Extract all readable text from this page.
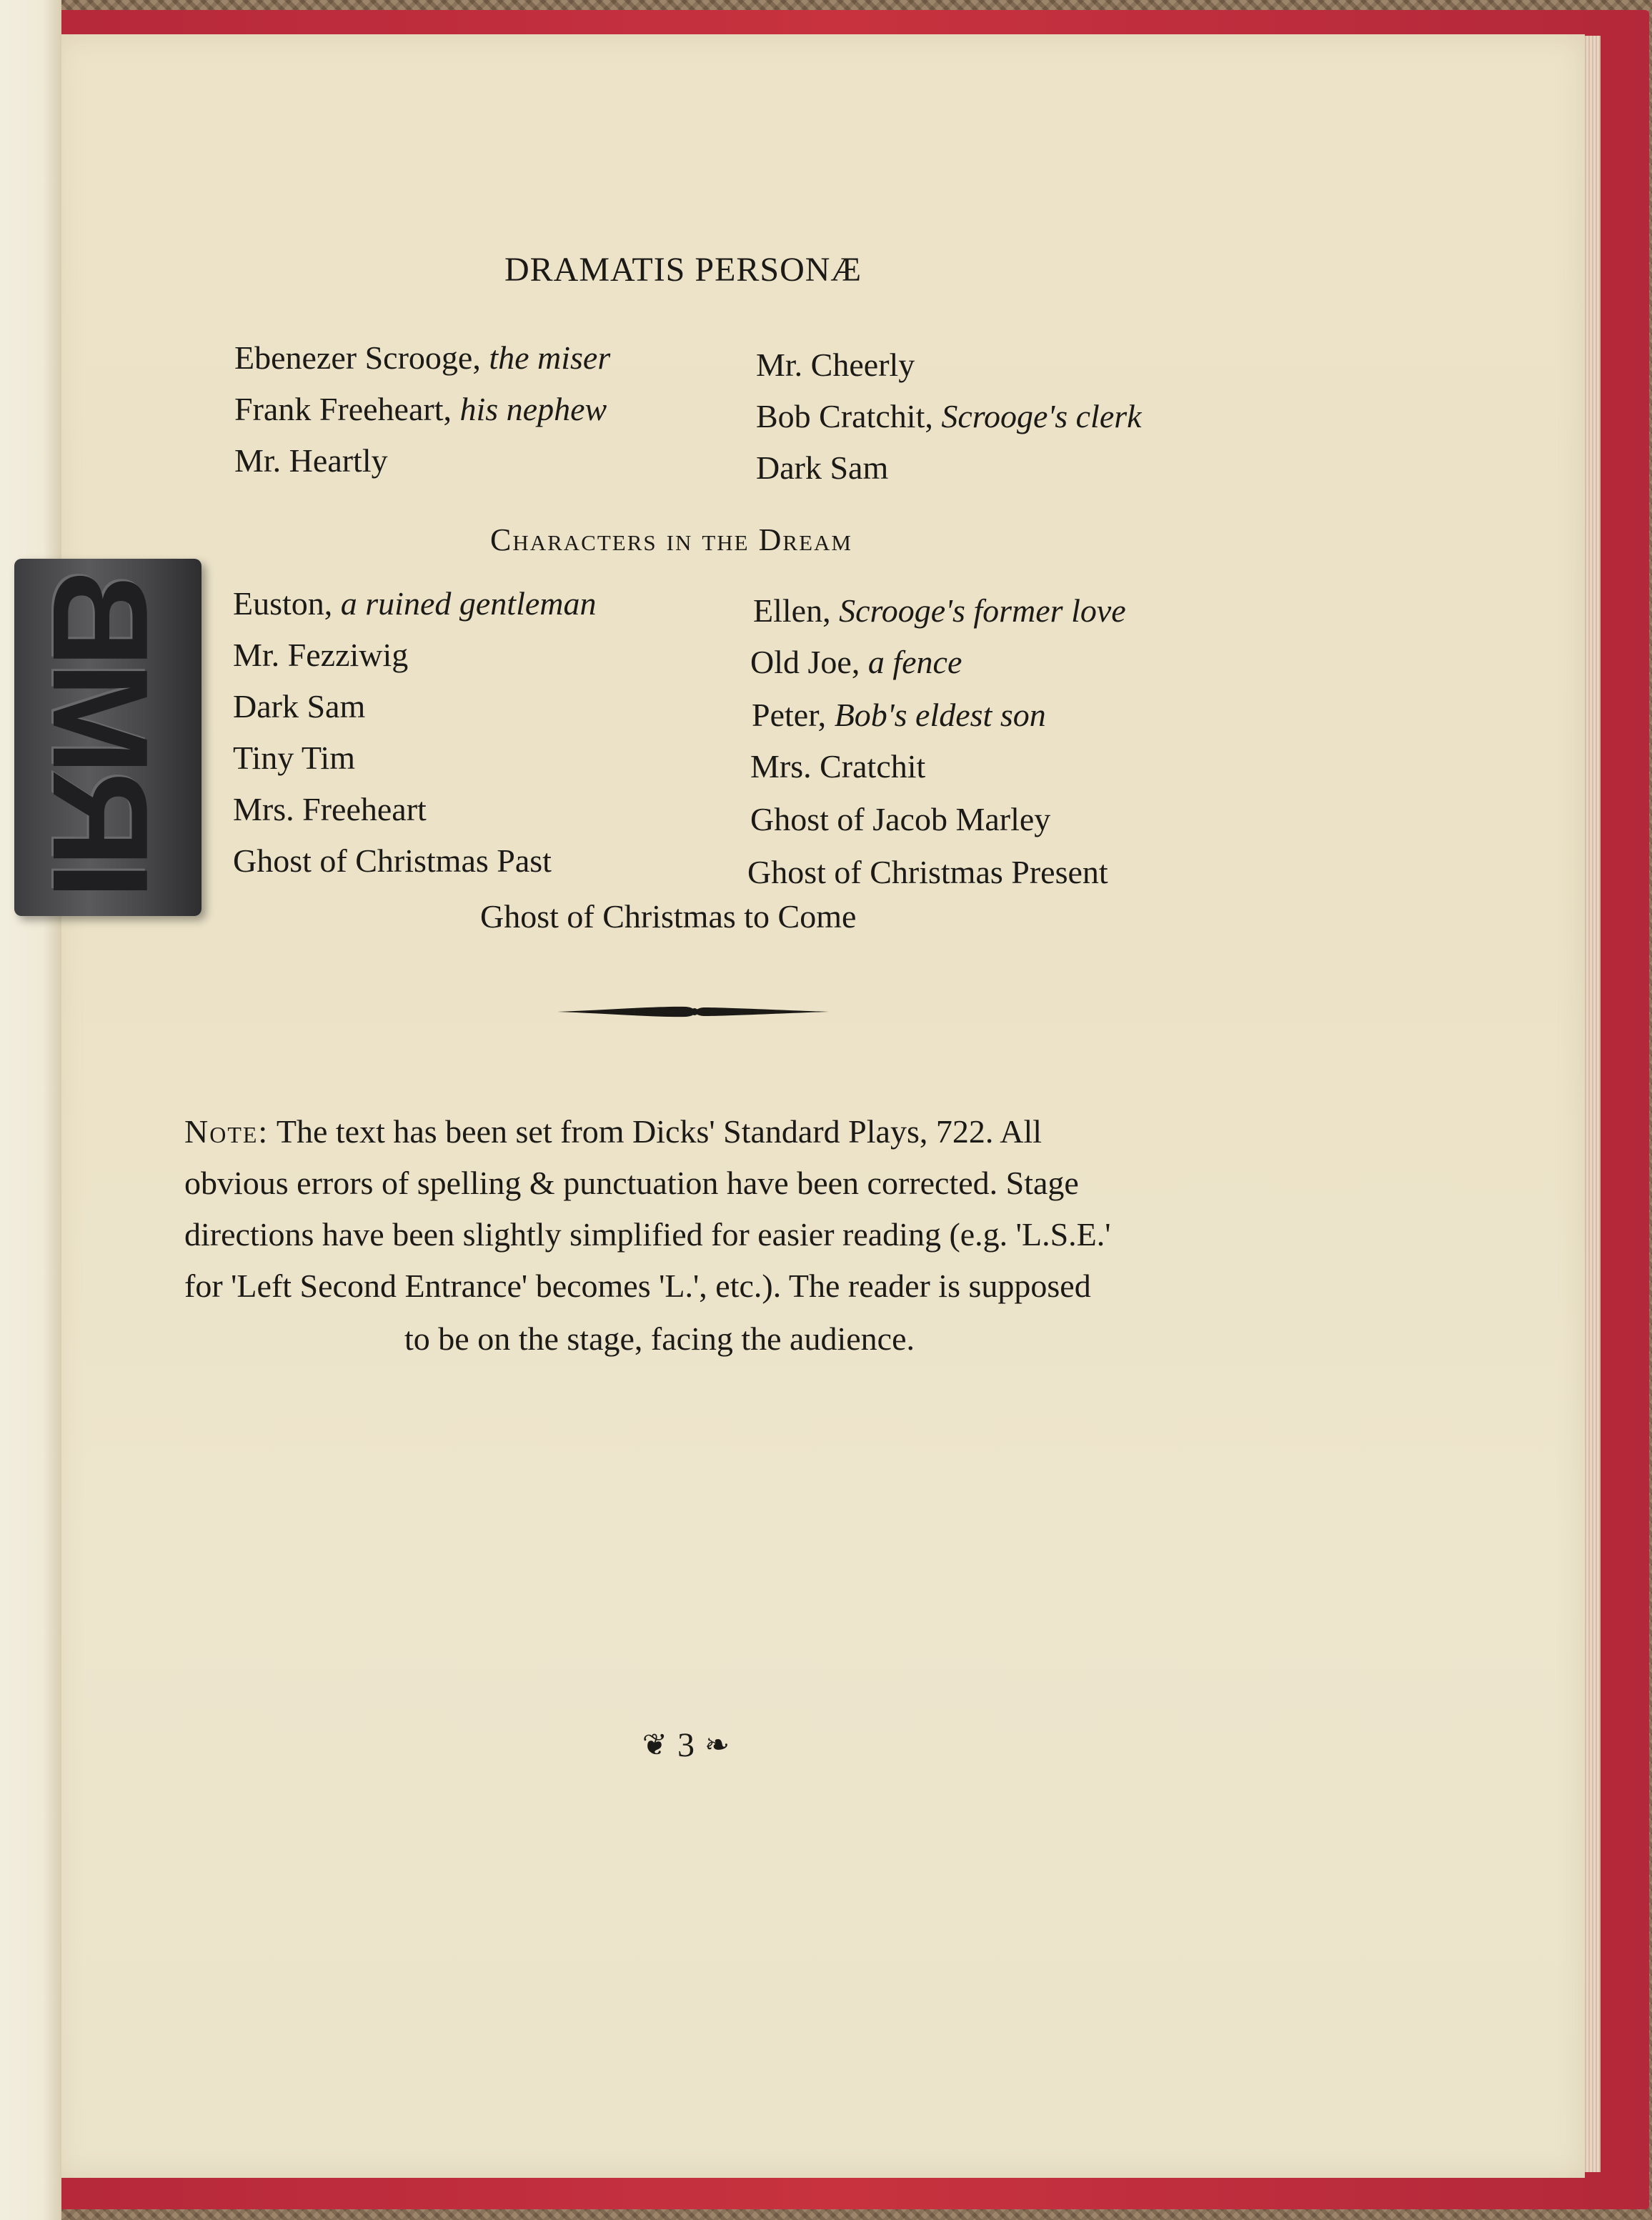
IRMB
DRAMATIS PERSONÆ
Ebenezer Scrooge, the miser
Frank Freeheart, his nephew
Mr. Heartly
Mr. Cheerly
Bob Cratchit, Scrooge's clerk
Dark Sam
Characters in the Dream
Euston, a ruined gentleman
Mr. Fezziwig
Dark Sam
Tiny Tim
Mrs. Freeheart
Ghost of Christmas Past
Ellen, Scrooge's former love
Old Joe, a fence
Peter, Bob's eldest son
Mrs. Cratchit
Ghost of Jacob Marley
Ghost of Christmas Present
Ghost of Christmas to Come
Note: The text has been set from Dicks' Standard Plays, 722. All
obvious errors of spelling & punctuation have been corrected. Stage
directions have been slightly simplified for easier reading (e.g. 'L.S.E.'
for 'Left Second Entrance' becomes 'L.', etc.). The reader is supposed
to be on the stage, facing the audience.
❦ 3 ❧
